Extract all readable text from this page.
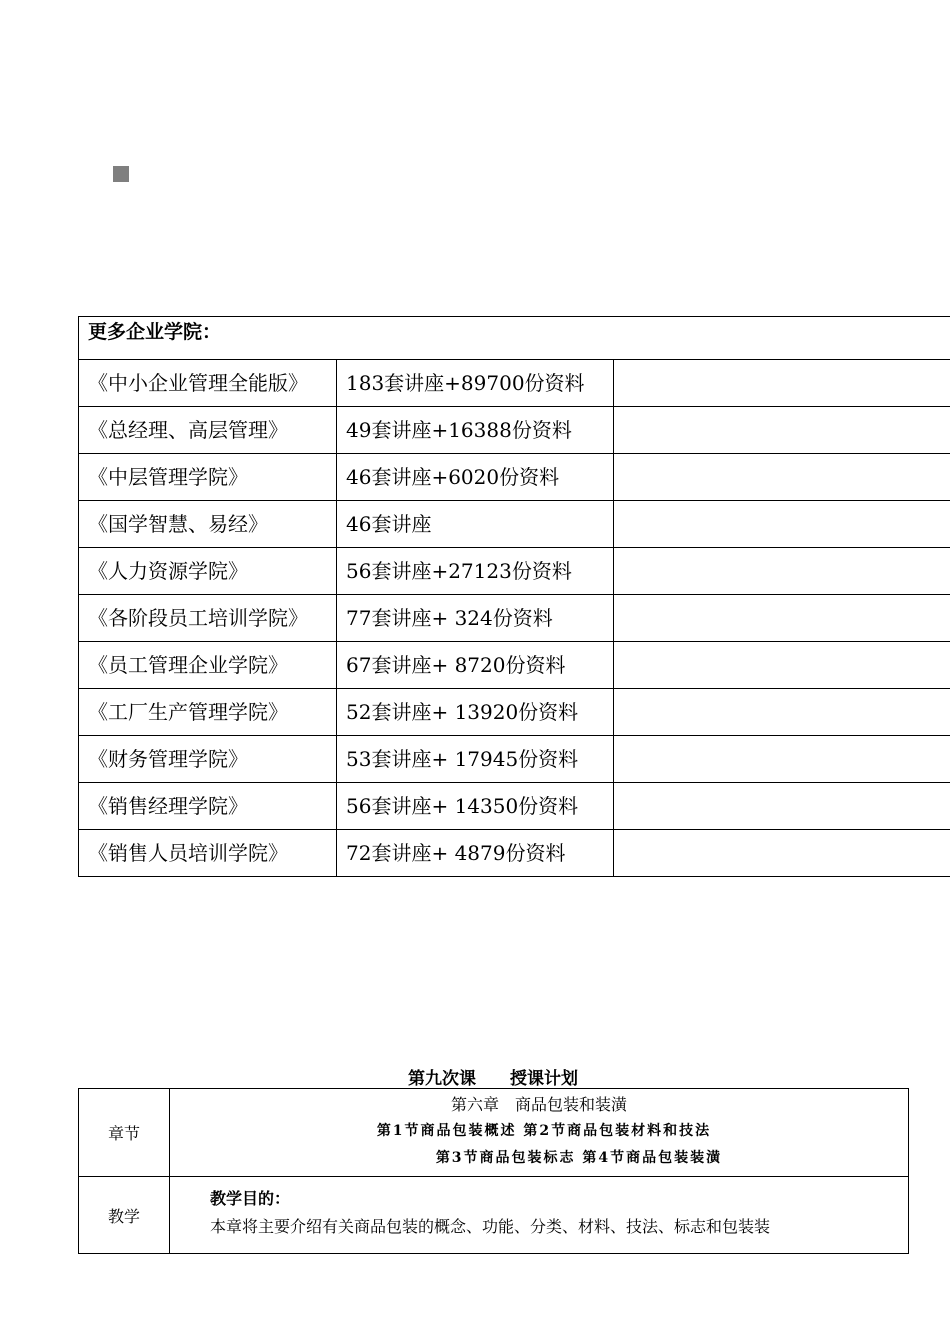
更多企业学院：		
《中小企业管理全能版》	183套讲座+89700份资料	
《总经理、高层管理》	49套讲座+16388份资料	
《中层管理学院》	46套讲座+6020份资料	
《国学智慧、易经》	46套讲座	
《人力资源学院》	56套讲座+27123份资料	
《各阶段员工培训学院》	77套讲座+ 324份资料	
《员工管理企业学院》	67套讲座+ 8720份资料	
《工厂生产管理学院》	52套讲座+ 13920份资料	
《财务管理学院》	53套讲座+ 17945份资料	
《销售经理学院》	56套讲座+ 14350份资料	
《销售人员培训学院》	72套讲座+ 4879份资料	
第九次课　　授课计划
章节	第六章　商品包装和装潢
第1节商品包装概述 第2节商品包装材料和技法
第3节商品包装标志 第4节商品包装装潢

教学	教学目的：
本章将主要介绍有关商品包装的概念、功能、分类、材料、技法、标志和包装装
